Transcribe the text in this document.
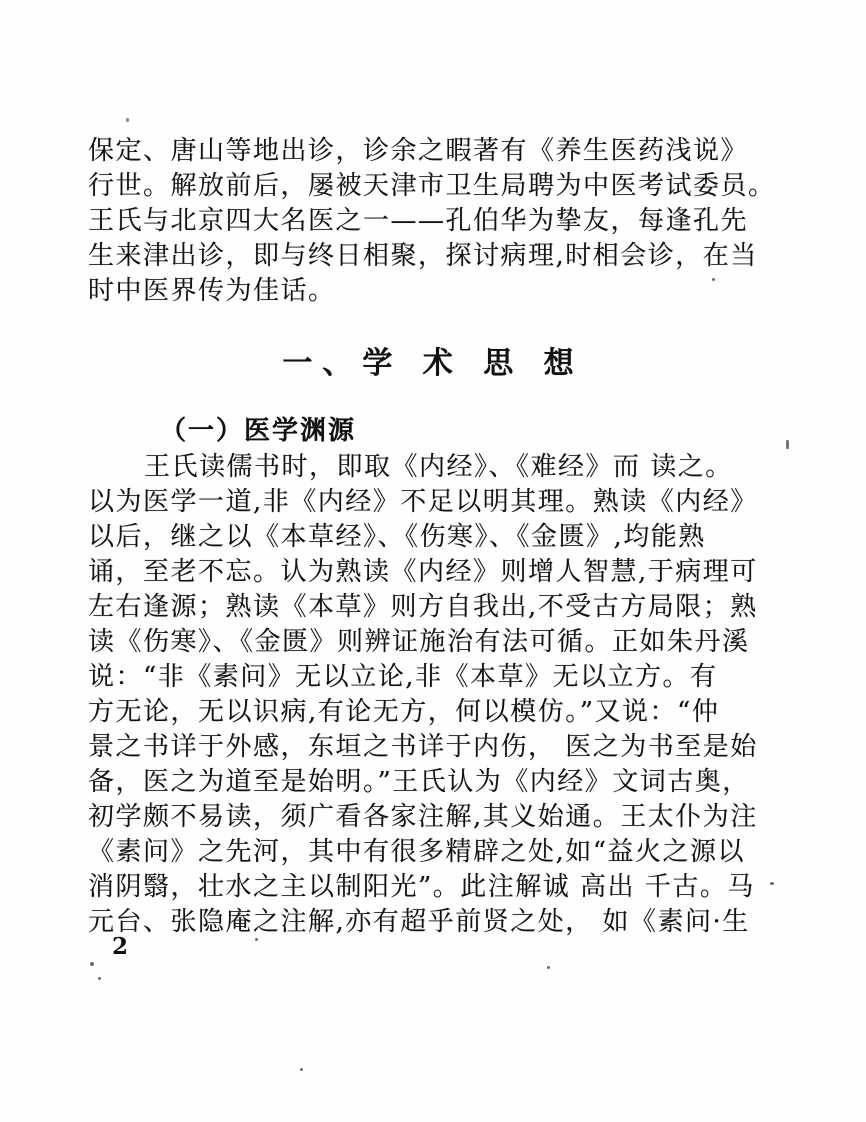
保定、唐山等地出诊，诊余之暇著有《养生医药浅说》
行世。解放前后，屡被天津市卫生局聘为中医考试委员。
王氏与北京四大名医之一——孔伯华为挚友，每逢孔先
生来津出诊，即与终日相聚，探讨病理,时相会诊，在当
时中医界传为佳话。
一、学 术 思 想
（一）医学渊源
王氏读儒书时，即取《内经》、《难经》而 读之。
以为医学一道,非《内经》不足以明其理。熟读《内经》
以后，继之以《本草经》、《伤寒》、《金匮》,均能熟
诵，至老不忘。认为熟读《内经》则增人智慧,于病理可
左右逢源；熟读《本草》则方自我出,不受古方局限；熟
读《伤寒》、《金匮》则辨证施治有法可循。正如朱丹溪
说：“非《素问》无以立论,非《本草》无以立方。有
方无论，无以识病,有论无方，何以模仿。”又说：“仲
景之书详于外感，东垣之书详于内伤， 医之为书至是始
备，医之为道至是始明。”王氏认为《内经》文词古奥，
初学颇不易读，须广看各家注解,其义始通。王太仆为注
《素问》之先河，其中有很多精辟之处,如“益火之源以
消阴翳，壮水之主以制阳光”。此注解诚 高出 千古。马
元台、张隐庵之注解,亦有超乎前贤之处， 如《素问·生
2
